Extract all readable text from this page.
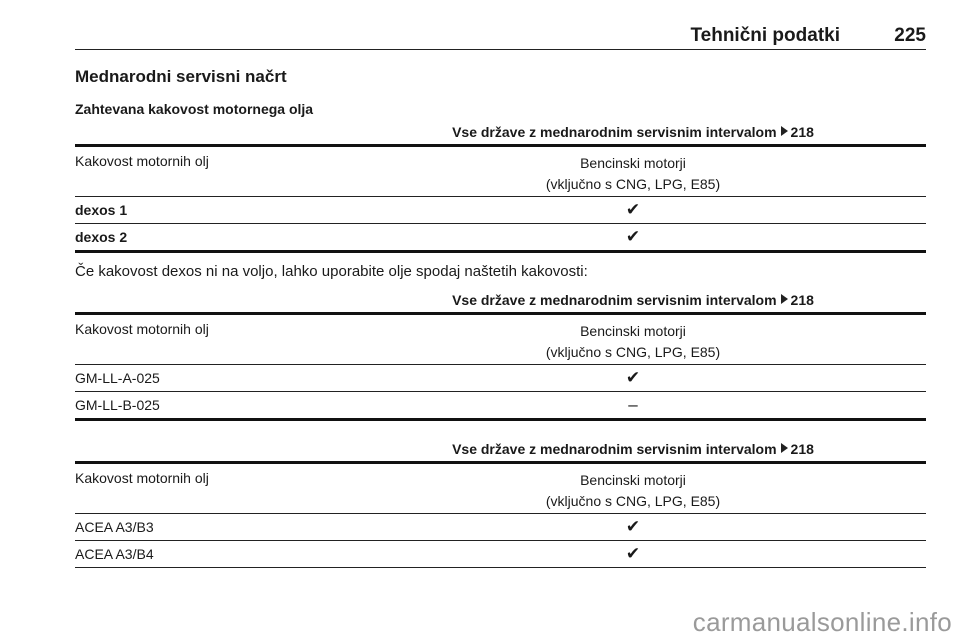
Tehnični podatki	225
Mednarodni servisni načrt
Zahtevana kakovost motornega olja
Vse države z mednarodnim servisnim intervalom 218
Kakovost motornih olj	Bencinski motorji
(vključno s CNG, LPG, E85)
dexos 1	✔
dexos 2	✔
Če kakovost dexos ni na voljo, lahko uporabite olje spodaj naštetih kakovosti:
Vse države z mednarodnim servisnim intervalom 218
Kakovost motornih olj	Bencinski motorji
(vključno s CNG, LPG, E85)
GM-LL-A-025	✔
GM-LL-B-025	–
Vse države z mednarodnim servisnim intervalom 218
Kakovost motornih olj	Bencinski motorji
(vključno s CNG, LPG, E85)
ACEA A3/B3	✔
ACEA A3/B4	✔
carmanualsonline.info
